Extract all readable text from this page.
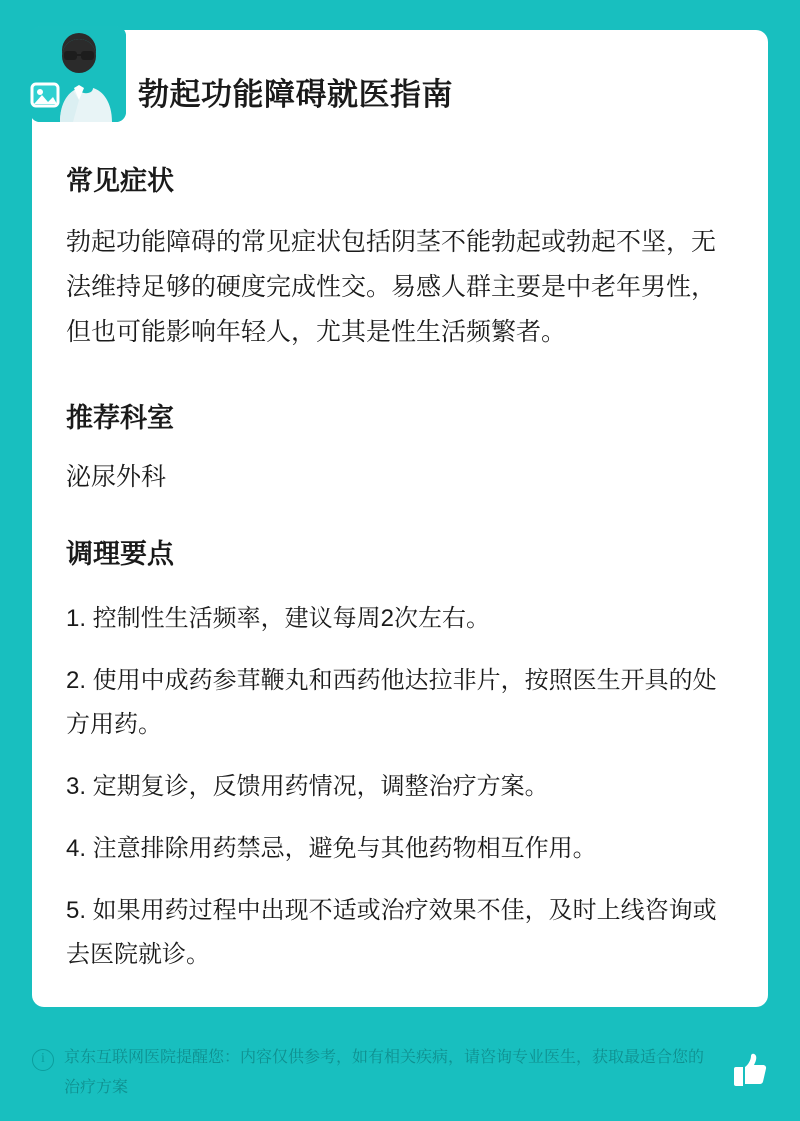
勃起功能障碍就医指南
常见症状

勃起功能障碍的常见症状包括阴茎不能勃起或勃起不坚，无法维持足够的硬度完成性交。易感人群主要是中老年男性，但也可能影响年轻人，尤其是性生活频繁者。

推荐科室

泌尿外科

调理要点
1. 控制性生活频率，建议每周2次左右。
2. 使用中成药参茸鞭丸和西药他达拉非片，按照医生开具的处方用药。
3. 定期复诊，反馈用药情况，调整治疗方案。
4. 注意排除用药禁忌，避免与其他药物相互作用。
5. 如果用药过程中出现不适或治疗效果不佳，及时上线咨询或去医院就诊。
i	京东互联网医院提醒您：内容仅供参考，如有相关疾病，请咨询专业医生，获取最适合您的治疗方案
